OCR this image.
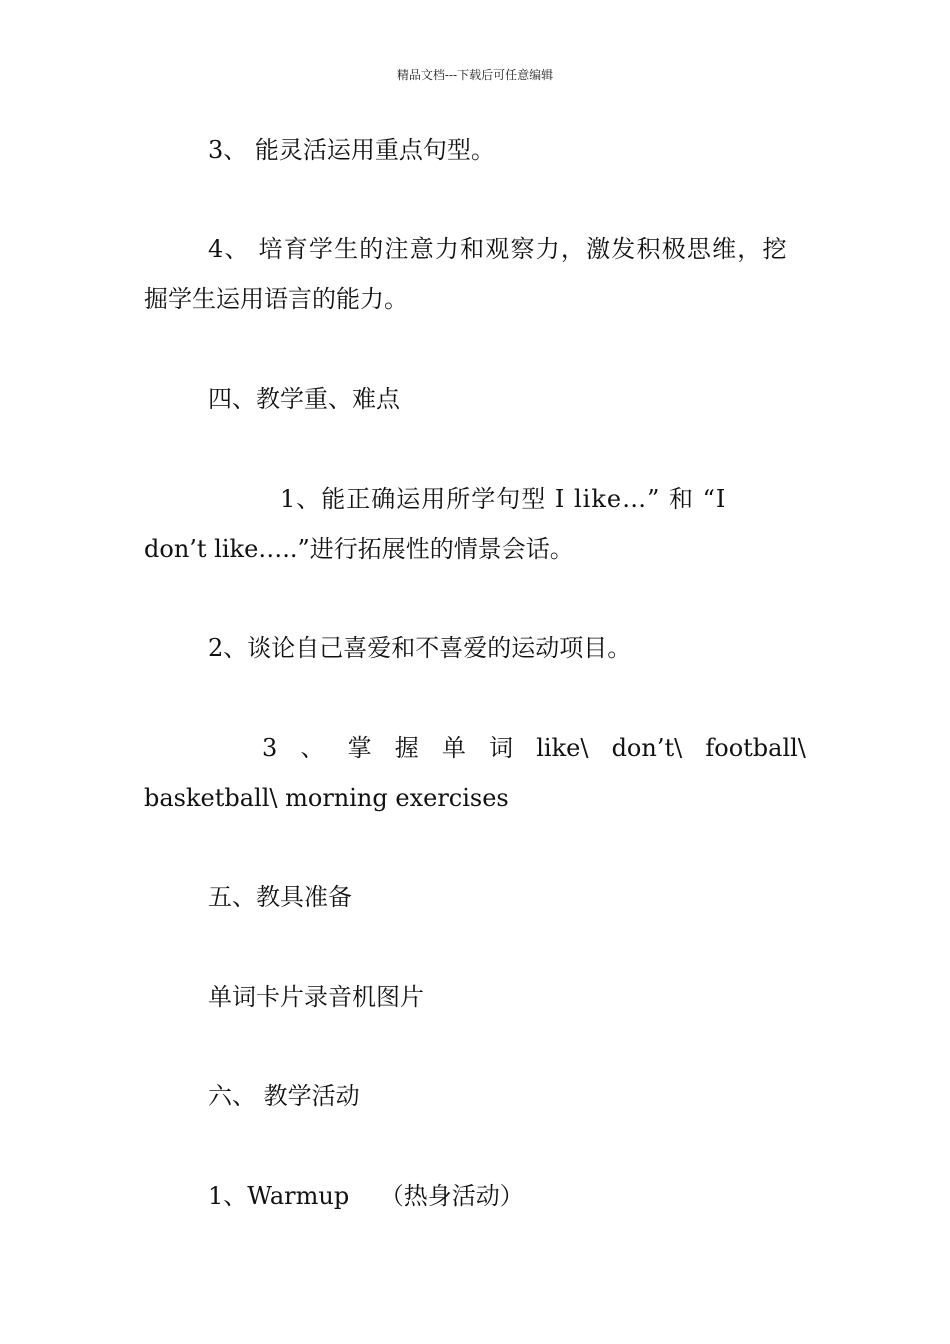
精品文档---下载后可任意编辑
3、 能灵活运用重点句型。
4、 培育学生的注意力和观察力，激发积极思维，挖
掘学生运用语言的能力。
四、教学重、难点
1、能正确运用所学句型 I like…” 和 “I
don’t like…..”进行拓展性的情景会话。
2、谈论自己喜爱和不喜爱的运动项目。
3 、 掌 握 单 词 like\ don’t\ football\
basketball\ morning exercises
五、教具准备
单词卡片录音机图片
六、 教学活动
1、Warmup    （热身活动）
